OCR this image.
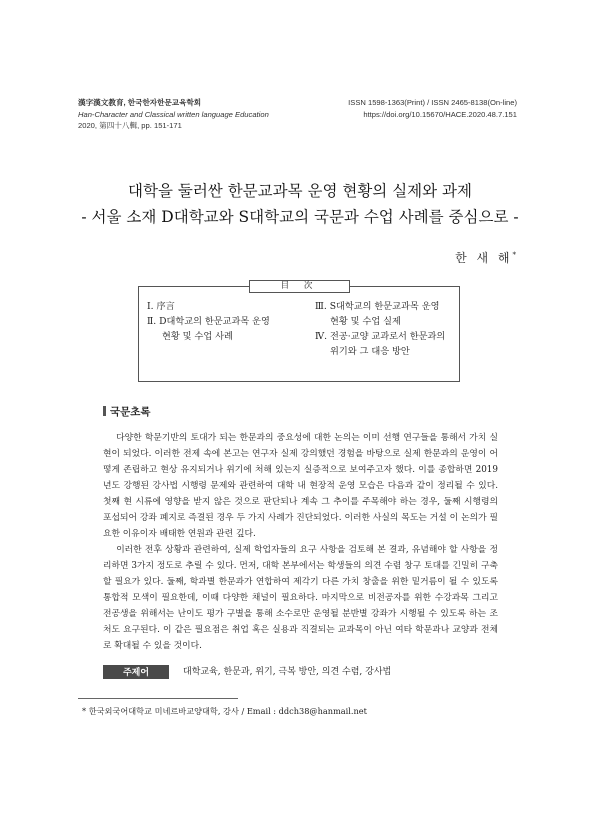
漢字漢文教育, 한국한자한문교육학회
Han-Character and Classical written language Education
2020, 第四十八輯, pp. 151-171
ISSN 1598-1363(Print) / ISSN 2465-8138(On-line)
https://doi.org/10.15670/HACE.2020.48.7.151
대학을 둘러싼 한문교과목 운영 현황의 실제와 과제
- 서울 소재 D대학교와 S대학교의 국문과 수업 사례를 중심으로 -
한 새 해*
目 次
Ⅰ. 序言
Ⅱ. D대학교의 한문교과목 운영
현황 및 수업 사례
Ⅲ. S대학교의 한문교과목 운영
현황 및 수업 실제
Ⅳ. 전공·교양 교과로서 한문과의
위기와 그 대응 방안
국문초록

다양한 학문기반의 토대가 되는 한문과의 중요성에 대한 논의는 이미 선행 연구들을 통해서 가치 실현이 되었다. 이러한 전제 속에 본고는 연구자 실제 강의했던 경험을 바탕으로 실제 한문과의 운영이 어떻게 존립하고 현상 유지되거나 위기에 처해 있는지 실증적으로 보여주고자 했다. 이를 종합하면 2019년도 강행된 강사법 시행령 문제와 관련하여 대학 내 현장적 운영 모습은 다음과 같이 정리될 수 있다. 첫째 현 시류에 영향을 받지 않은 것으로 판단되나 계속 그 추이를 주목해야 하는 경우, 둘째 시행령의 포섭되어 강좌 폐지로 즉결된 경우 두 가지 사례가 진단되었다. 이러한 사실의 목도는 거설 이 논의가 필요한 이유이자 배태한 연원과 관련 깊다.

이러한 전후 상황과 관련하여, 실제 학업자들의 요구 사항을 검토해 본 결과, 유념해야 할 사항을 정리하면 3가지 정도로 추릴 수 있다. 먼저, 대학 본부에서는 학생들의 의견 수렴 창구 토대를 긴밀히 구축할 필요가 있다. 둘째, 학과별 한문과가 연합하여 제각기 다른 가치 창출을 위한 밑거름이 될 수 있도록 통합적 모색이 필요한데, 이때 다양한 채널이 필요하다. 마지막으로 비전공자를 위한 수강과목 그리고 전공생을 위해서는 난이도 평가 구별을 통해 소수로만 운영될 분반별 강좌가 시행될 수 있도록 하는 조처도 요구된다. 이 같은 필요점은 취업 혹은 실용과 직결되는 교과목이 아닌 여타 학문과나 교양과 전체로 확대될 수 있을 것이다.

주제어	대학교육, 한문과, 위기, 극복 방안, 의견 수렴, 강사법
* 한국외국어대학교 미네르바교양대학, 강사 / Email : ddch38@hanmail.net
